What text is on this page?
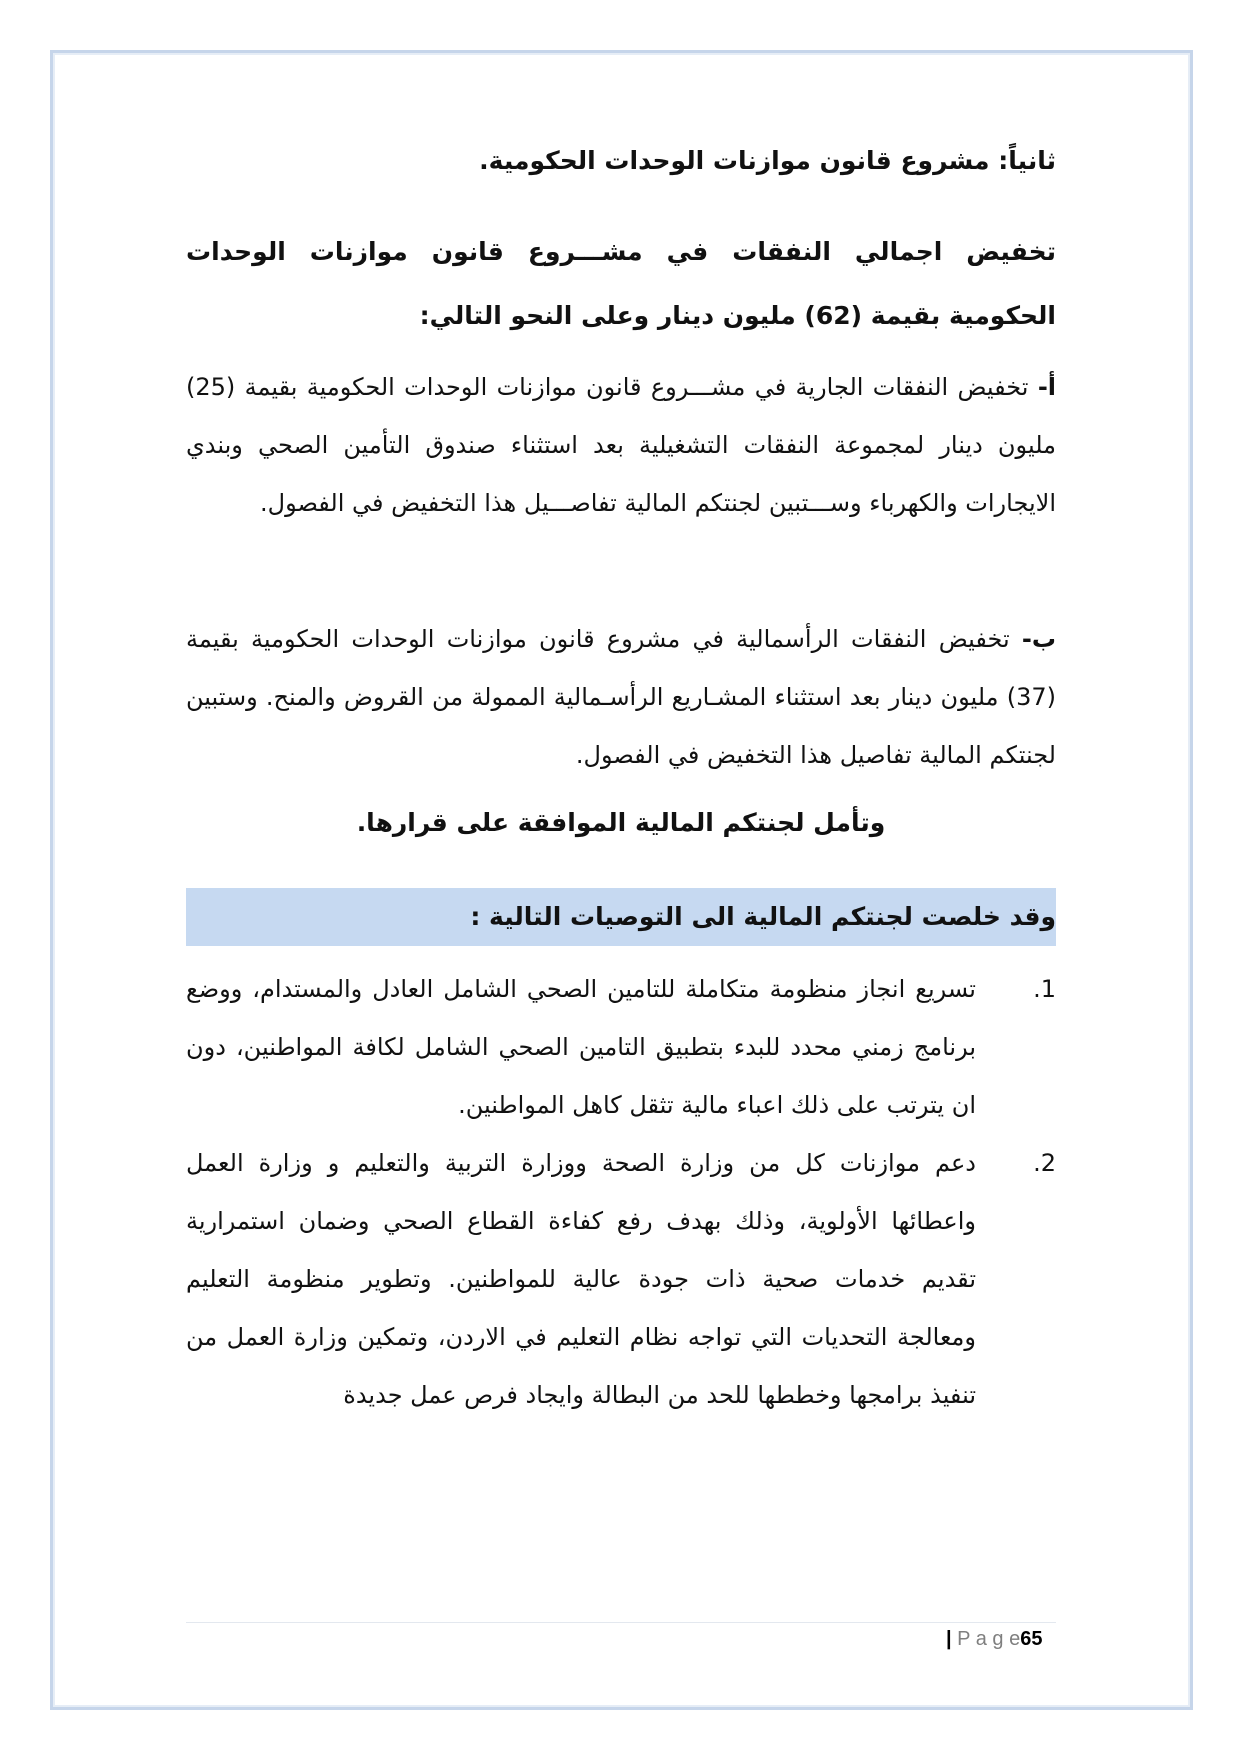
ثانياً: مشروع قانون موازنات الوحدات الحكومية.
تخفيض اجمالي النفقات في مشـــروع قانون موازنات الوحدات الحكومية بقيمة (62) مليون دينار وعلى النحو التالي:
أ- تخفيض النفقات الجارية في مشـــروع قانون موازنات الوحدات الحكومية بقيمة (25) مليون دينار لمجموعة النفقات التشغيلية بعد استثناء صندوق التأمين الصحي وبندي الايجارات والكهرباء وســـتبين لجنتكم المالية تفاصـــيل هذا التخفيض في الفصول.
ب- تخفيض النفقات الرأسمالية في مشروع قانون موازنات الوحدات الحكومية بقيمة (37) مليون دينار بعد استثناء المشـاريع الرأسـمالية الممولة من القروض والمنح. وستبين لجنتكم المالية تفاصيل هذا التخفيض في الفصول.
وتأمل لجنتكم المالية الموافقة على قرارها.
وقد خلصت لجنتكم المالية الى التوصيات التالية :
1.
تسريع انجاز منظومة متكاملة للتامين الصحي الشامل العادل والمستدام، ووضع برنامج زمني محدد للبدء بتطبيق التامين الصحي الشامل لكافة المواطنين، دون ان يترتب على ذلك اعباء مالية تثقل كاهل المواطنين.
2.
دعم موازنات كل من وزارة الصحة ووزارة التربية والتعليم و وزارة العمل واعطائها الأولوية، وذلك بهدف رفع كفاءة القطاع الصحي وضمان استمرارية تقديم خدمات صحية ذات جودة عالية للمواطنين. وتطوير منظومة التعليم ومعالجة التحديات التي تواجه نظام التعليم في الاردن، وتمكين وزارة العمل من تنفيذ برامجها وخططها للحد من البطالة وايجاد فرص عمل جديدة
| P a g e65
